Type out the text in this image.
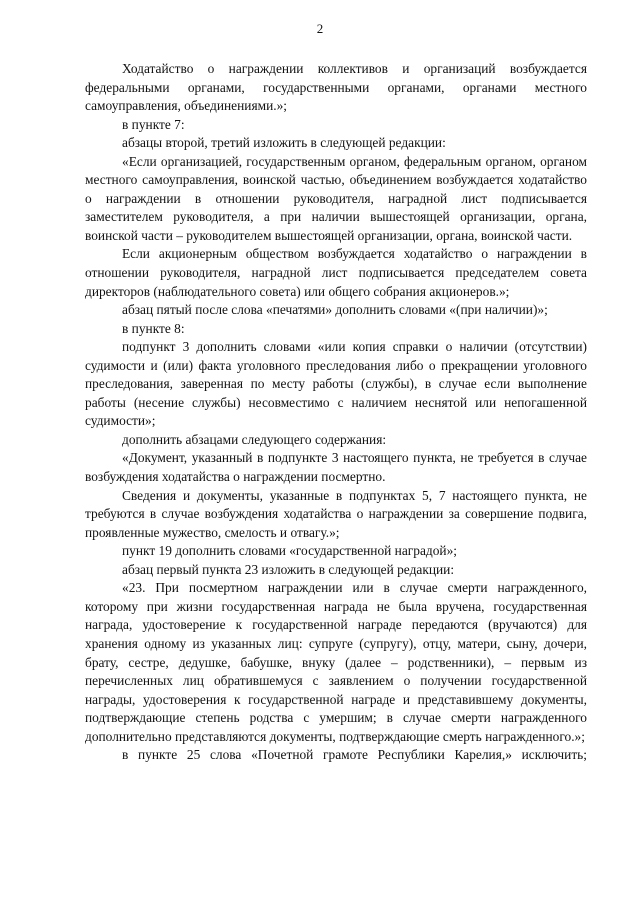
2

Ходатайство о награждении коллективов и организаций возбуждается федеральными органами, государственными органами, органами местного самоуправления, объединениями.»;

в пункте 7:

абзацы второй, третий изложить в следующей редакции:

«Если организацией, государственным органом, федеральным органом, органом местного самоуправления, воинской частью, объединением возбуждается ходатайство о награждении в отношении руководителя, наградной лист подписывается заместителем руководителя, а при наличии вышестоящей организации, органа, воинской части – руководителем вышестоящей организации, органа, воинской части.

Если акционерным обществом возбуждается ходатайство о награждении в отношении руководителя, наградной лист подписывается председателем совета директоров (наблюдательного совета) или общего собрания акционеров.»;

абзац пятый после слова «печатями» дополнить словами «(при наличии)»;

в пункте 8:

подпункт 3 дополнить словами «или копия справки о наличии (отсутствии) судимости и (или) факта уголовного преследования либо о прекращении уголовного преследования, заверенная по месту работы (службы), в случае если выполнение работы (несение службы) несовместимо с наличием неснятой или непогашенной судимости»;

дополнить абзацами следующего содержания:

«Документ, указанный в подпункте 3 настоящего пункта, не требуется в случае возбуждения ходатайства о награждении посмертно.

Сведения и документы, указанные в подпунктах 5, 7 настоящего пункта, не требуются в случае возбуждения ходатайства о награждении за совершение подвига, проявленные мужество, смелость и отвагу.»;

пункт 19 дополнить словами «государственной наградой»;

абзац первый пункта 23 изложить в следующей редакции:

«23. При посмертном награждении или в случае смерти награжденного, которому при жизни государственная награда не была вручена, государственная награда, удостоверение к государственной награде передаются (вручаются) для хранения одному из указанных лиц: супруге (супругу), отцу, матери, сыну, дочери, брату, сестре, дедушке, бабушке, внуку (далее – родственники), – первым из перечисленных лиц обратившемуся с заявлением о получении государственной награды, удостоверения к государственной награде и представившему документы, подтверждающие степень родства с умершим; в случае смерти награжденного дополнительно представляются документы, подтверждающие смерть награжденного.»;

в пункте 25 слова «Почетной грамоте Республики Карелия,» исключить;
